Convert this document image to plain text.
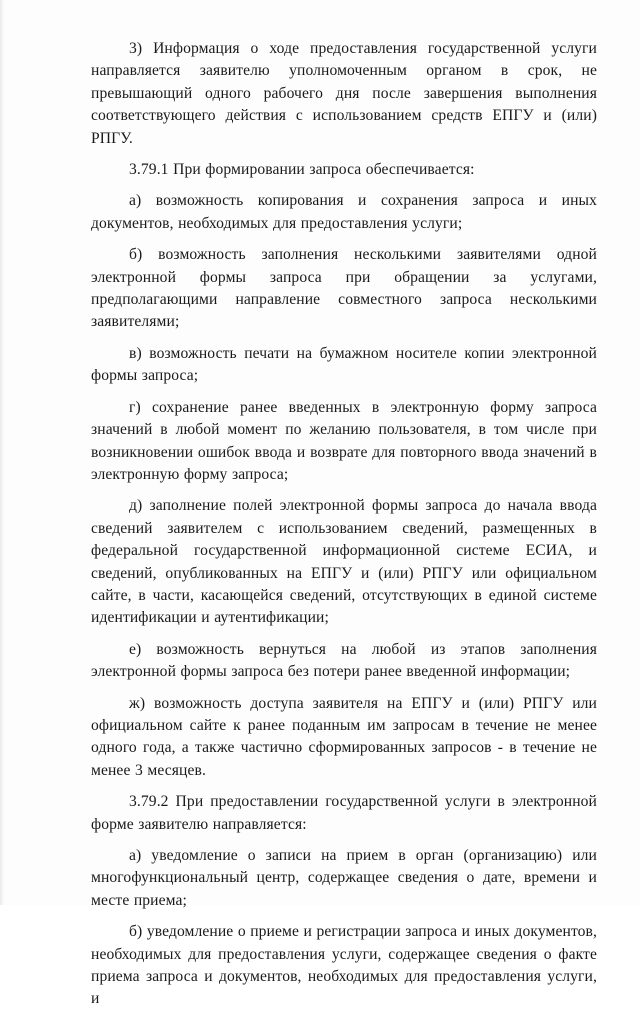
3) Информация о ходе предоставления государственной услуги направляется заявителю уполномоченным органом в срок, не превышающий одного рабочего дня после завершения выполнения соответствующего действия с использованием средств ЕПГУ и (или) РПГУ.

3.79.1 При формировании запроса обеспечивается:

а) возможность копирования и сохранения запроса и иных документов, необходимых для предоставления услуги;

б) возможность заполнения несколькими заявителями одной электронной формы запроса при обращении за услугами, предполагающими направление совместного запроса несколькими заявителями;

в) возможность печати на бумажном носителе копии электронной формы запроса;

г) сохранение ранее введенных в электронную форму запроса значений в любой момент по желанию пользователя, в том числе при возникновении ошибок ввода и возврате для повторного ввода значений в электронную форму запроса;

д) заполнение полей электронной формы запроса до начала ввода сведений заявителем с использованием сведений, размещенных в федеральной государственной информационной системе ЕСИА, и сведений, опубликованных на ЕПГУ и (или) РПГУ или официальном сайте, в части, касающейся сведений, отсутствующих в единой системе идентификации и аутентификации;

е) возможность вернуться на любой из этапов заполнения электронной формы запроса без потери ранее введенной информации;

ж) возможность доступа заявителя на ЕПГУ и (или) РПГУ или официальном сайте к ранее поданным им запросам в течение не менее одного года, а также частично сформированных запросов - в течение не менее 3 месяцев.

3.79.2 При предоставлении государственной услуги в электронной форме заявителю направляется:

а) уведомление о записи на прием в орган (организацию) или многофункциональный центр, содержащее сведения о дате, времени и месте приема;

б) уведомление о приеме и регистрации запроса и иных документов, необходимых для предоставления услуги, содержащее сведения о факте приема запроса и документов, необходимых для предоставления услуги, и
